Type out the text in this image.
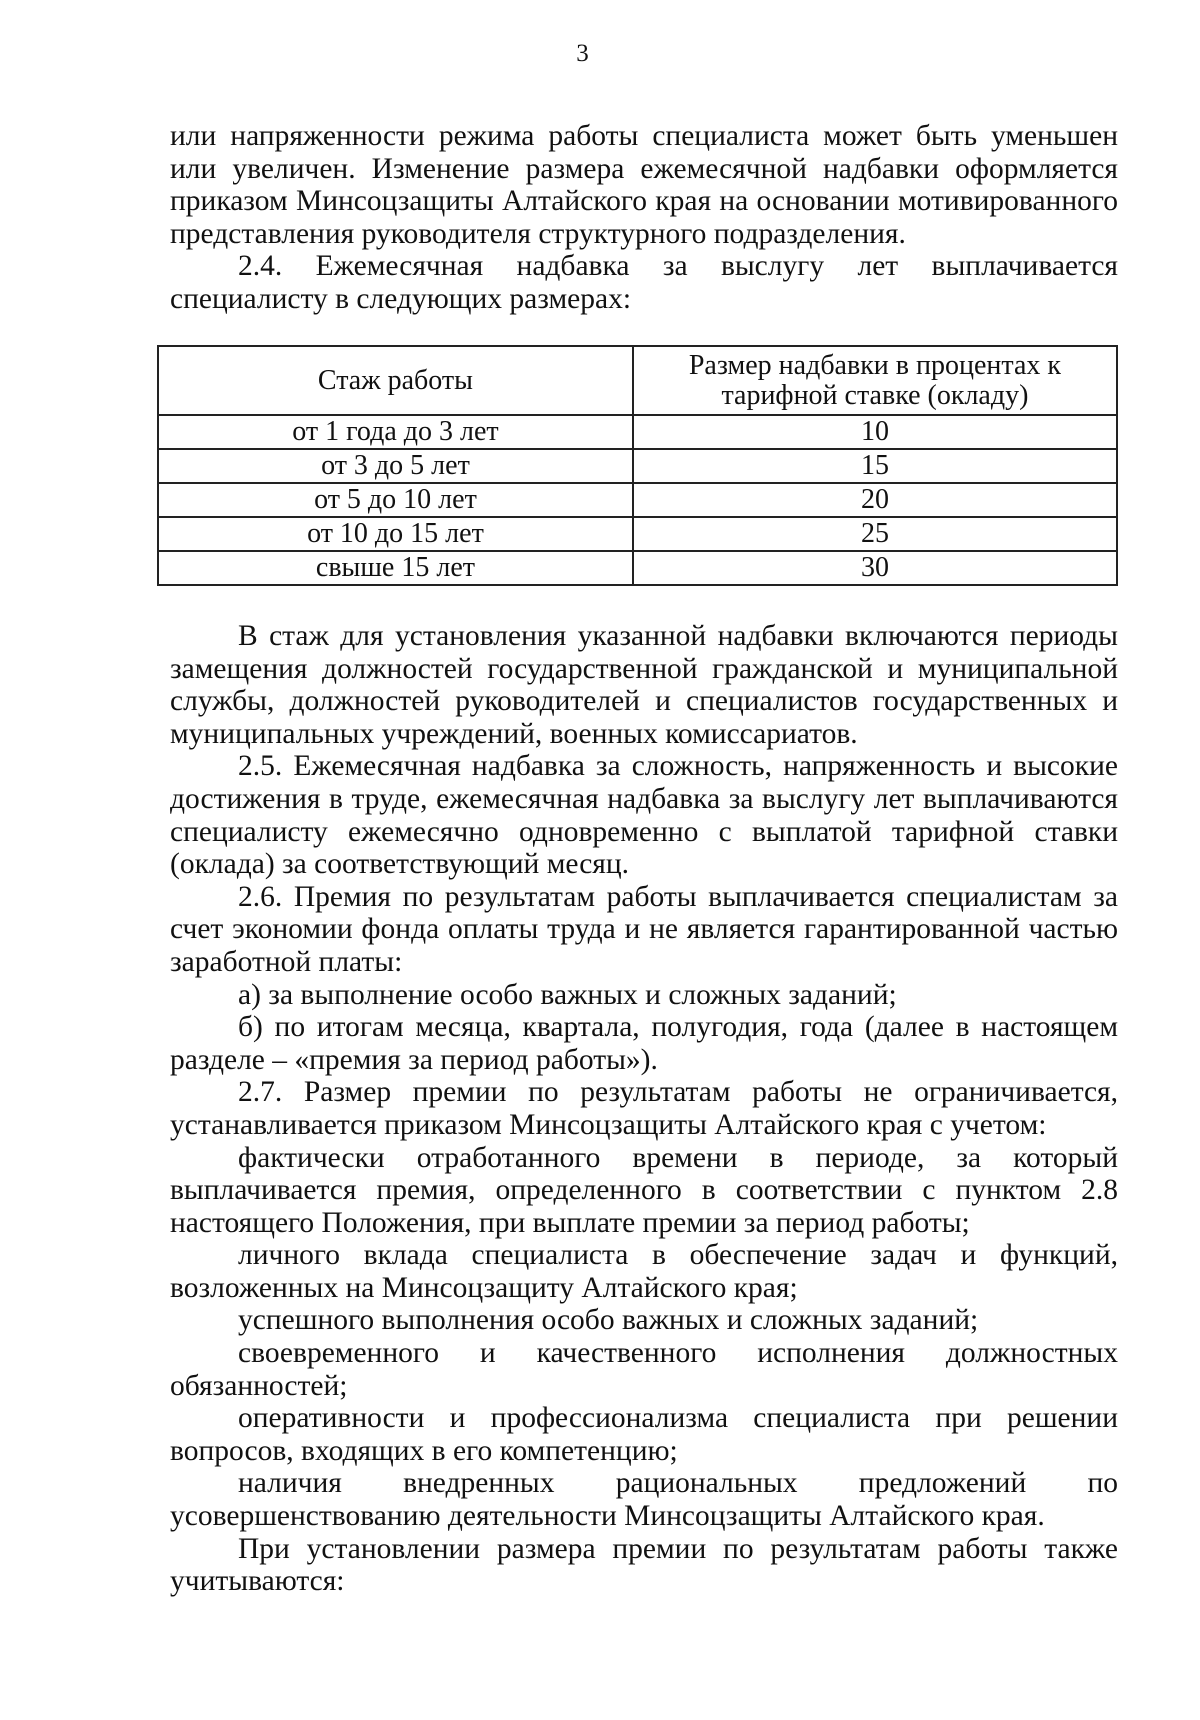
3

или напряженности режима работы специалиста может быть уменьшен или увеличен. Изменение размера ежемесячной надбавки оформляется приказом Минсоцзащиты Алтайского края на основании мотивированного представления руководителя структурного подразделения.

2.4. Ежемесячная надбавка за выслугу лет выплачивается специалисту в следующих размерах:

Стаж работы	Размер надбавки в процентах к тарифной ставке (окладу)
от 1 года до 3 лет	10
от 3 до 5 лет	15
от 5 до 10 лет	20
от 10 до 15 лет	25
свыше 15 лет	30

В стаж для установления указанной надбавки включаются периоды замещения должностей государственной гражданской и муниципальной службы, должностей руководителей и специалистов государственных и муниципальных учреждений, военных комиссариатов.

2.5. Ежемесячная надбавка за сложность, напряженность и высокие достижения в труде, ежемесячная надбавка за выслугу лет выплачиваются специалисту ежемесячно одновременно с выплатой тарифной ставки (оклада) за соответствующий месяц.

2.6. Премия по результатам работы выплачивается специалистам за счет экономии фонда оплаты труда и не является гарантированной частью заработной платы:

а) за выполнение особо важных и сложных заданий;

б) по итогам месяца, квартала, полугодия, года (далее в настоящем разделе – «премия за период работы»).

2.7. Размер премии по результатам работы не ограничивается, устанавливается приказом Минсоцзащиты Алтайского края с учетом:

фактически отработанного времени в периоде, за который выплачивается премия, определенного в соответствии с пунктом 2.8 настоящего Положения, при выплате премии за период работы;

личного вклада специалиста в обеспечение задач и функций, возложенных на Минсоцзащиту Алтайского края;

успешного выполнения особо важных и сложных заданий;

своевременного и качественного исполнения должностных обязанностей;

оперативности и профессионализма специалиста при решении вопросов, входящих в его компетенцию;

наличия внедренных рациональных предложений по усовершенствованию деятельности Минсоцзащиты Алтайского края.

При установлении размера премии по результатам работы также учитываются:
